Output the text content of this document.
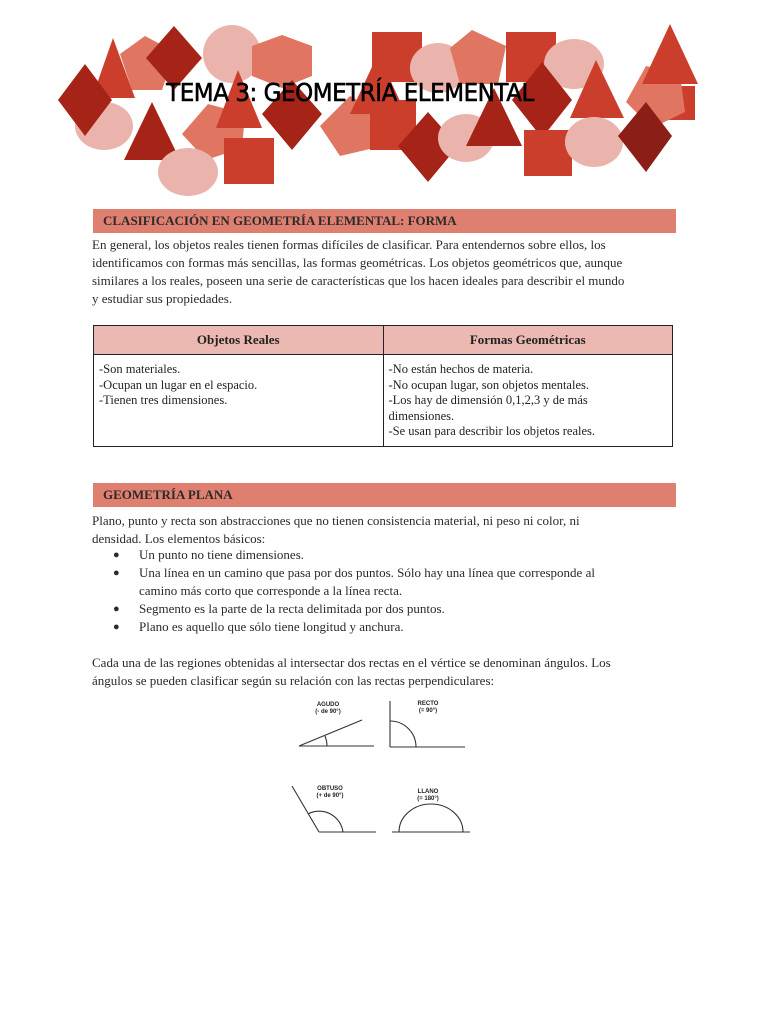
TEMA 3: GEOMETRÍA ELEMENTAL
CLASIFICACIÓN EN GEOMETRÍA ELEMENTAL: FORMA

En general, los objetos reales tienen formas difíciles de clasificar. Para entendernos sobre ellos, los

identificamos con formas más sencillas, las formas geométricas. Los objetos geométricos que, aunque

similares a los reales, poseen una serie de características que los hacen ideales para describir el mundo

y estudiar sus propiedades.

Objetos Reales	Formas Geométricas

-Son materiales.
-Ocupan un lugar en el espacio.
-Tienen tres dimensiones.	-No están hechos de materia.
-No ocupan lugar, son objetos mentales.
-Los hay de dimensión 0,1,2,3 y de más
dimensiones.
-Se usan para describir los objetos reales.
GEOMETRÍA PLANA

Plano, punto y recta son abstracciones que no tienen consistencia material, ni peso ni color, ni

densidad. Los elementos básicos:

● Un punto no tiene dimensiones.
● Una línea en un camino que pasa por dos puntos. Sólo hay una línea que corresponde al
camino más corto que corresponde a la línea recta.
● Segmento es la parte de la recta delimitada por dos puntos.
● Plano es aquello que sólo tiene longitud y anchura.

Cada una de las regiones obtenidas al intersectar dos rectas en el vértice se denominan ángulos. Los

ángulos se pueden clasificar según su relación con las rectas perpendiculares:

AGUDO
(- de 90°)
RECTO
(= 90°)
OBTUSO
(+ de 90°)
LLANO
(= 180°)
